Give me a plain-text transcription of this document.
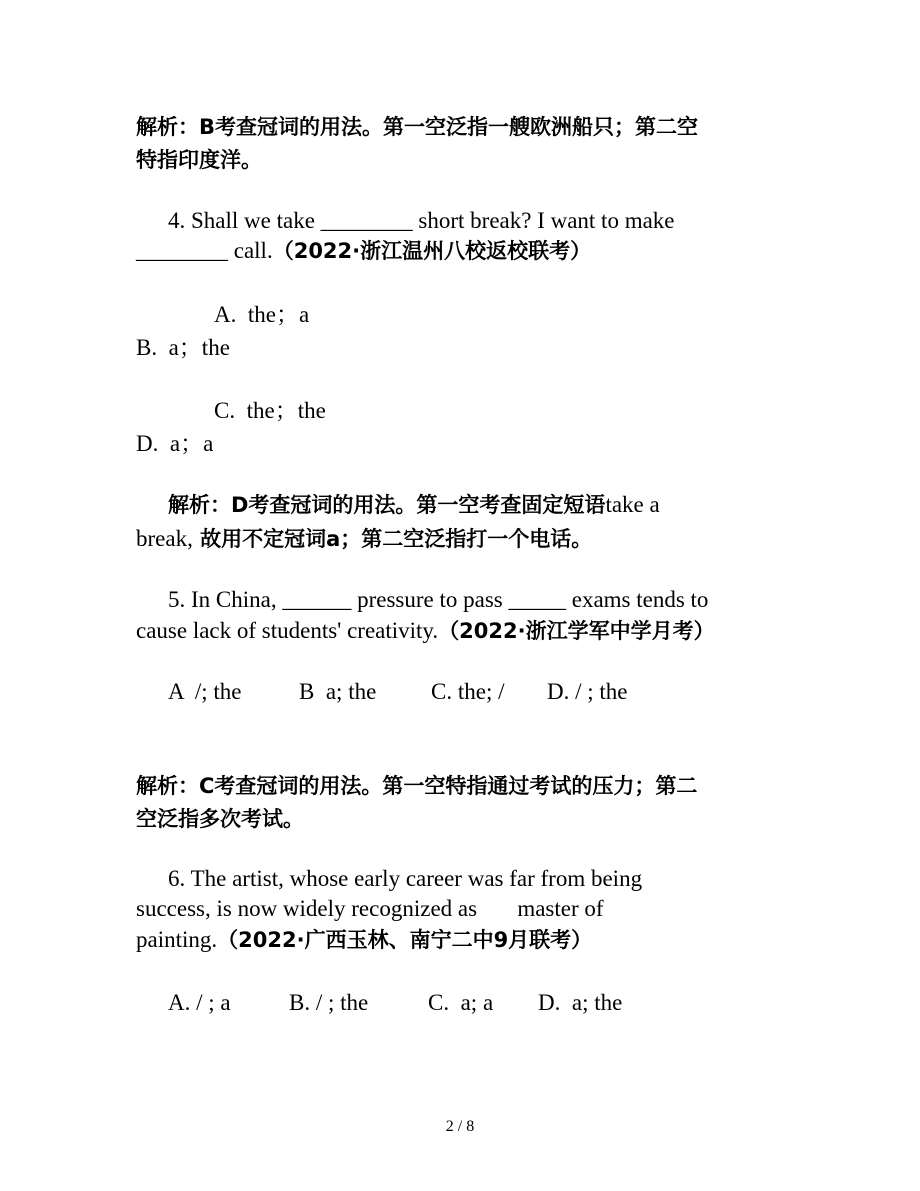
解析：B考查冠词的用法。第一空泛指一艘欧洲船只；第二空
特指印度洋。
4. Shall we take ________ short break? I want to make
________ call.（2022·浙江温州八校返校联考）
A.  the；a
B.  a；the
C.  the；the
D.  a；a
解析：D考查冠词的用法。第一空考查固定短语take a
break, 故用不定冠词a；第二空泛指打一个电话。
5. In China, ______ pressure to pass _____ exams tends to
cause lack of students' creativity.（2022·浙江学军中学月考）
A  /; the	B  a; the C. the; / D. / ; the
解析：C考查冠词的用法。第一空特指通过考试的压力；第二
空泛指多次考试。
6. The artist, whose early career was far from being
success, is now widely recognized as       master of
painting.（2022·广西玉林、南宁二中9月联考）
A. / ; a	B. / ; the	C.  a; a D.  a; the
2 / 8
